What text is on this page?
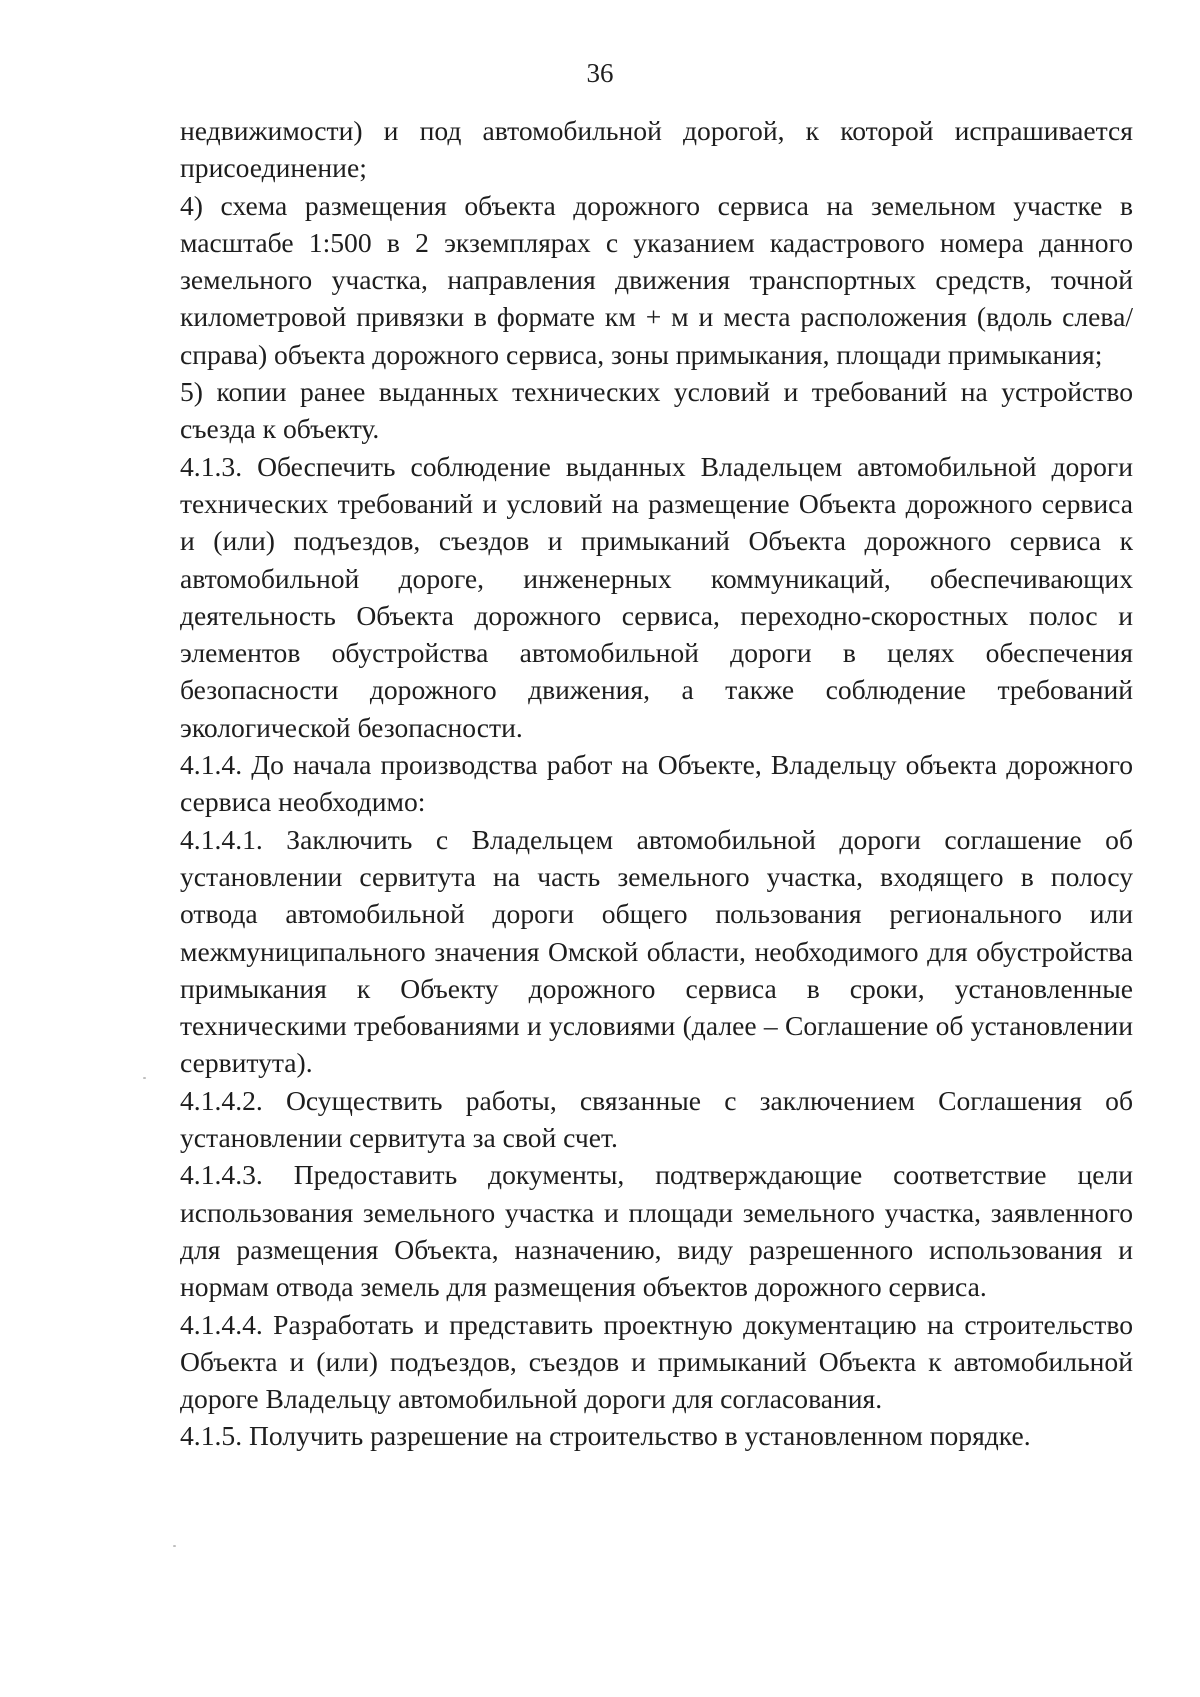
36

недвижимости) и под автомобильной дорогой, к которой испрашивается присоединение;

4) схема размещения объекта дорожного сервиса на земельном участке в масштабе 1:500 в 2 экземплярах с указанием кадастрового номера данного земельного участка, направления движения транспортных средств, точной километровой привязки в формате км + м и места расположения (вдоль слева/справа) объекта дорожного сервиса, зоны примыкания, площади примыкания;

5) копии ранее выданных технических условий и требований на устройство съезда к объекту.

4.1.3. Обеспечить соблюдение выданных Владельцем автомобильной дороги технических требований и условий на размещение Объекта дорожного сервиса и (или) подъездов, съездов и примыканий Объекта дорожного сервиса к автомобильной дороге, инженерных коммуникаций, обеспечивающих деятельность Объекта дорожного сервиса, переходно-скоростных полос и элементов обустройства автомобильной дороги в целях обеспечения безопасности дорожного движения, а также соблюдение требований экологической безопасности.

4.1.4. До начала производства работ на Объекте, Владельцу объекта дорожного сервиса необходимо:

4.1.4.1. Заключить с Владельцем автомобильной дороги соглашение об установлении сервитута на часть земельного участка, входящего в полосу отвода автомобильной дороги общего пользования регионального или межмуниципального значения Омской области, необходимого для обустройства примыкания к Объекту дорожного сервиса в сроки, установленные техническими требованиями и условиями (далее – Соглашение об установлении сервитута).

4.1.4.2. Осуществить работы, связанные с заключением Соглашения об установлении сервитута за свой счет.

4.1.4.3. Предоставить документы, подтверждающие соответствие цели использования земельного участка и площади земельного участка, заявленного для размещения Объекта, назначению, виду разрешенного использования и нормам отвода земель для размещения объектов дорожного сервиса.

4.1.4.4. Разработать и представить проектную документацию на строительство Объекта и (или) подъездов, съездов и примыканий Объекта к автомобильной дороге Владельцу автомобильной дороги для согласования.

4.1.5. Получить разрешение на строительство в установленном порядке.
